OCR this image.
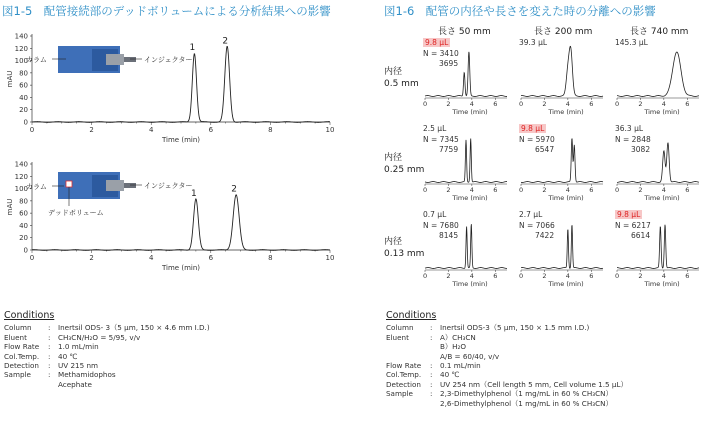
図1-5　配管接続部のデッドボリュームによる分析結果への影響
0
20
40
60
80
100
120
140
0	2	4	6	8	10
mAU
Time (min)
カラム	インジェクター
1
2
0
20
40
60
80
100
120
140
0	2	4	6	8	10
mAU
Time (min)
カラム	インジェクター
デッドボリューム
1	2
Conditions
Column	:	Inertsil ODS- 3（5 μm, 150 × 4.6 mm I.D.)
Eluent	:	CH₃CN/H₂O = 5/95, v/v
Flow Rate	:	1.0 mL/min
Col.Temp.	:	40 ℃
Detection	:	UV 215 nm
Sample	:	Methamidophos
Acephate
図1-6　配管の内径や長さを変えた時の分離への影響
長さ 50 mm	長さ 200 mm	長さ 740 mm
内径
0.5 mm
内径
0.25 mm
内径
0.13 mm
0	2	4	6
Time (min)
9.8 μL
N = 3410
3695
0	2	4	6
Time (min)
39.3 μL
0	2	4	6
Time (min)
145.3 μL
0	2	4	6
Time (min)
2.5 μL
N = 7345
7759
0	2	4	6
Time (min)
9.8 μL
N = 5970
6547
0	2	4	6
Time (min)
36.3 μL
N = 2848
3082
0	2	4	6
Time (min)
0.7 μL
N = 7680
8145
0	2	4	6
Time (min)
2.7 μL
N = 7066
7422
0	2	4	6
Time (min)
9.8 μL
N = 6217
6614
Conditions
Column	:	Inertsil ODS-3（5 μm, 150 × 1.5 mm I.D.)
Eluent	:	A）CH₃CN
B）H₂O
A/B = 60/40, v/v
Flow Rate	:	0.1 mL/min
Col.Temp.	:	40 ℃
Detection	:	UV 254 nm（Cell length 5 mm, Cell volume 1.5 μL）
Sample	:	2,3-Dimethylphenol（1 mg/mL in 60 % CH₃CN）
2,6-Dimethylphenol（1 mg/mL in 60 % CH₃CN）
